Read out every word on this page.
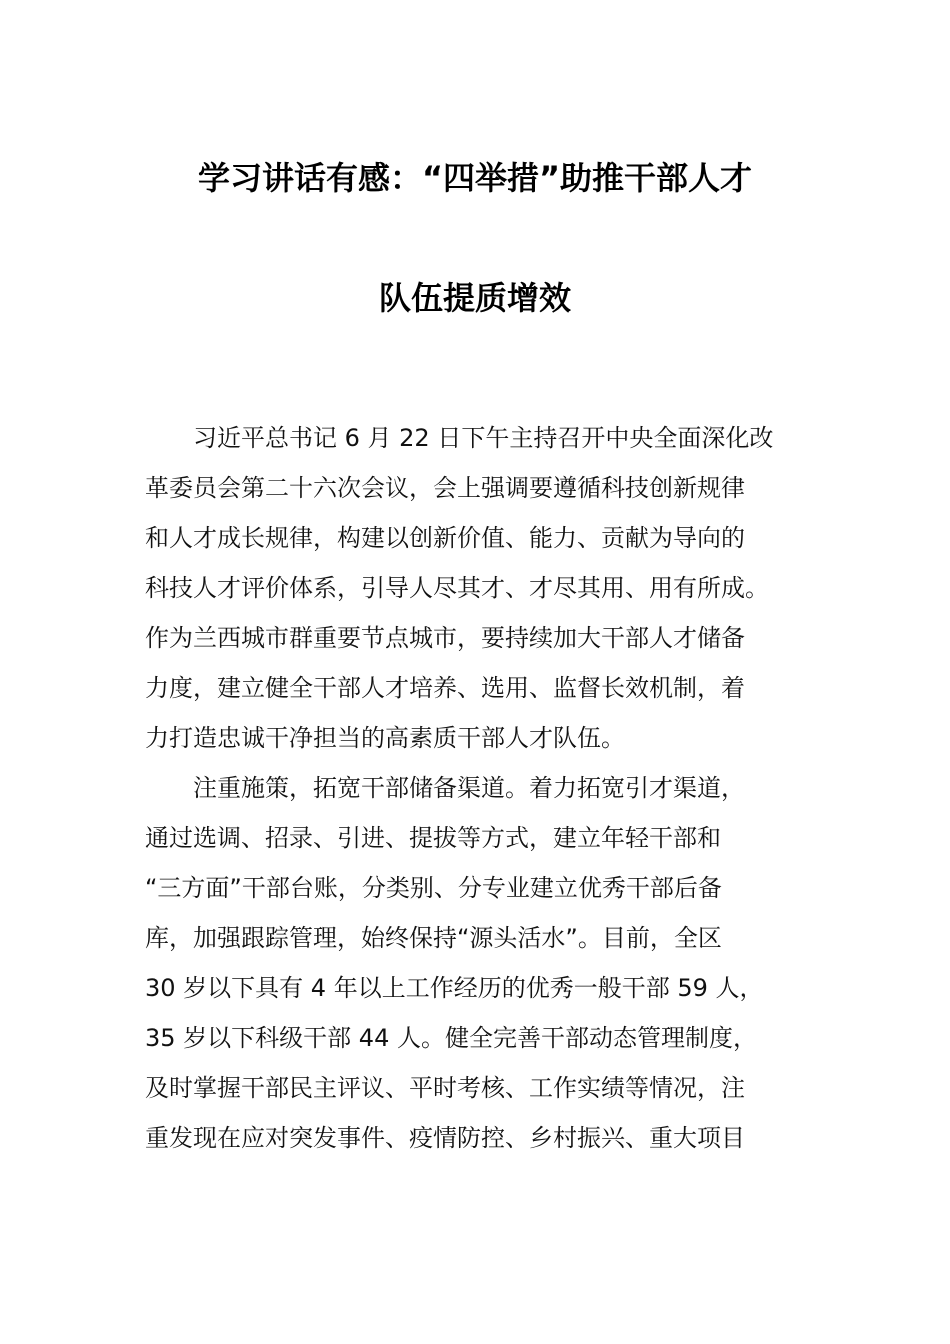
学习讲话有感：“四举措”助推干部人才
队伍提质增效
　　习近平总书记 6 月 22 日下午主持召开中央全面深化改
革委员会第二十六次会议，会上强调要遵循科技创新规律
和人才成长规律，构建以创新价值、能力、贡献为导向的
科技人才评价体系，引导人尽其才、才尽其用、用有所成。
作为兰西城市群重要节点城市，要持续加大干部人才储备
力度，建立健全干部人才培养、选用、监督长效机制，着
力打造忠诚干净担当的高素质干部人才队伍。
　　注重施策，拓宽干部储备渠道。着力拓宽引才渠道，
通过选调、招录、引进、提拔等方式，建立年轻干部和
“三方面”干部台账，分类别、分专业建立优秀干部后备
库，加强跟踪管理，始终保持“源头活水”。目前，全区
30 岁以下具有 4 年以上工作经历的优秀一般干部 59 人，
35 岁以下科级干部 44 人。健全完善干部动态管理制度，
及时掌握干部民主评议、平时考核、工作实绩等情况，注
重发现在应对突发事件、疫情防控、乡村振兴、重大项目
